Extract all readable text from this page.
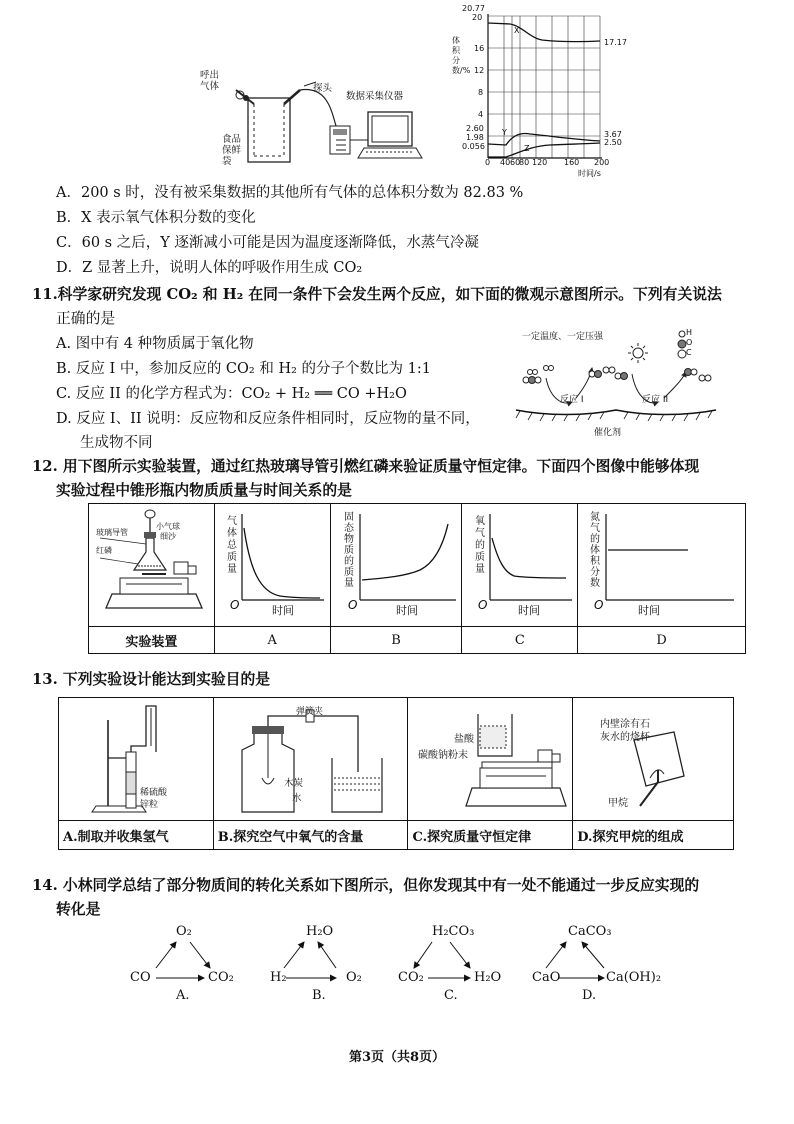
呼出气体	探头
数据采集仪器
食品保鲜袋
体积分数/%
20.77
20
16
12
8
4
2.60
1.98
0.056
0 40 60
80 120 160 200
时间/s
17.17
3.67
2.50
X
Y
Z
A．200 s 时，没有被采集数据的其他所有气体的总体积分数为 82.83 %
B．X 表示氧气体积分数的变化
C．60 s 之后，Y 逐渐减小可能是因为温度逐渐降低，水蒸气冷凝
D．Z 显著上升，说明人体的呼吸作用生成 CO₂
11.科学家研究发现 CO₂ 和 H₂ 在同一条件下会发生两个反应，如下面的微观示意图所示。下列有关说法
正确的是
A. 图中有 4 种物质属于氧化物
B. 反应 I 中，参加反应的 CO₂ 和 H₂ 的分子个数比为 1:1
C. 反应 II 的化学方程式为：CO₂ + H₂ ══ CO +H₂O
D. 反应 I、II 说明：反应物和反应条件相同时，反应物的量不同，
生成物不同
一定温度、一定压强	H
O
C
反应 I	反应 II
催化剂
12. 用下图所示实验装置，通过红热玻璃导管引燃红磷来验证质量守恒定律。下面四个图像中能够体现
实验过程中锥形瓶内物质质量与时间关系的是

实验装置	A	B	C	D
玻璃导管
小气球
细沙
红磷
气体总质量
O	时间
固态物质的质量
O	时间
氧气的质量
O	时间
氮气的体积分数
O	时间
13. 下列实验设计能达到实验目的是

A.制取并收集氢气	B.探究空气中氧气的含量	C.探究质量守恒定律	D.探究甲烷的组成
稀硫酸
锌粒
弹簧夹
木炭
水
盐酸
碳酸钠粉末
内壁涂有石灰水的烧杯
甲烷
14. 小林同学总结了部分物质间的转化关系如下图所示，但你发现其中有一处不能通过一步反应实现的
转化是
O₂
CO	CO₂
A.
H₂O
H₂	O₂
B.
H₂CO₃
CO₂	H₂O
C.
CaCO₃
CaO	Ca(OH)₂
D.
第3页（共8页）
